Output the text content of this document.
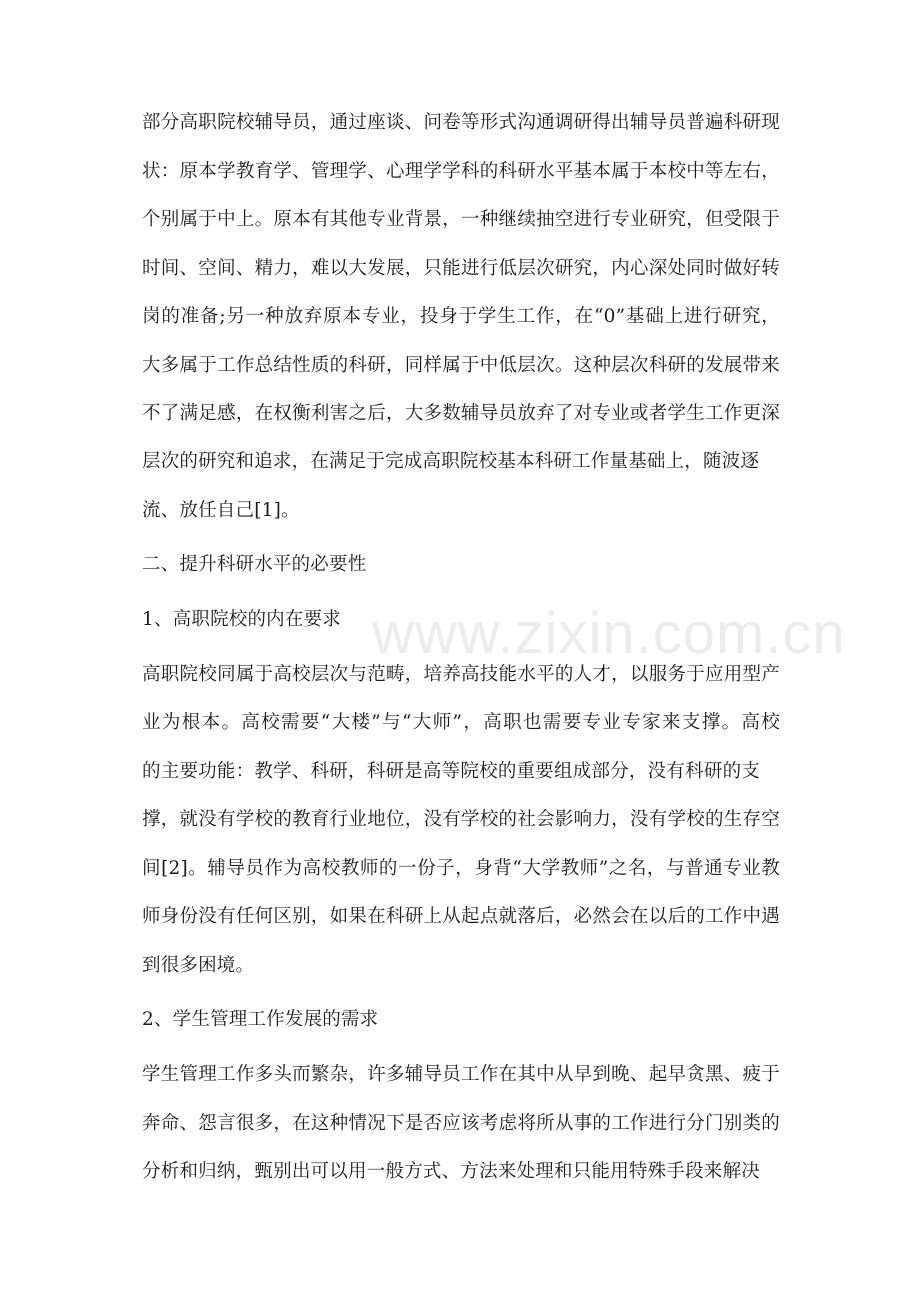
www.zixin.com.cn
部分高职院校辅导员，通过座谈、问卷等形式沟通调研得出辅导员普遍科研现
状：原本学教育学、管理学、心理学学科的科研水平基本属于本校中等左右，
个别属于中上。原本有其他专业背景，一种继续抽空进行专业研究，但受限于
时间、空间、精力，难以大发展，只能进行低层次研究，内心深处同时做好转
岗的准备;另一种放弃原本专业，投身于学生工作，在“0”基础上进行研究，
大多属于工作总结性质的科研，同样属于中低层次。这种层次科研的发展带来
不了满足感，在权衡利害之后，大多数辅导员放弃了对专业或者学生工作更深
层次的研究和追求，在满足于完成高职院校基本科研工作量基础上，随波逐
流、放任自己[1]。
二、提升科研水平的必要性
1、高职院校的内在要求
高职院校同属于高校层次与范畴，培养高技能水平的人才，以服务于应用型产
业为根本。高校需要“大楼”与“大师”，高职也需要专业专家来支撑。高校
的主要功能：教学、科研，科研是高等院校的重要组成部分，没有科研的支
撑，就没有学校的教育行业地位，没有学校的社会影响力，没有学校的生存空
间[2]。辅导员作为高校教师的一份子，身背“大学教师”之名，与普通专业教
师身份没有任何区别，如果在科研上从起点就落后，必然会在以后的工作中遇
到很多困境。
2、学生管理工作发展的需求
学生管理工作多头而繁杂，许多辅导员工作在其中从早到晚、起早贪黑、疲于
奔命、怨言很多，在这种情况下是否应该考虑将所从事的工作进行分门别类的
分析和归纳，甄别出可以用一般方式、方法来处理和只能用特殊手段来解决
